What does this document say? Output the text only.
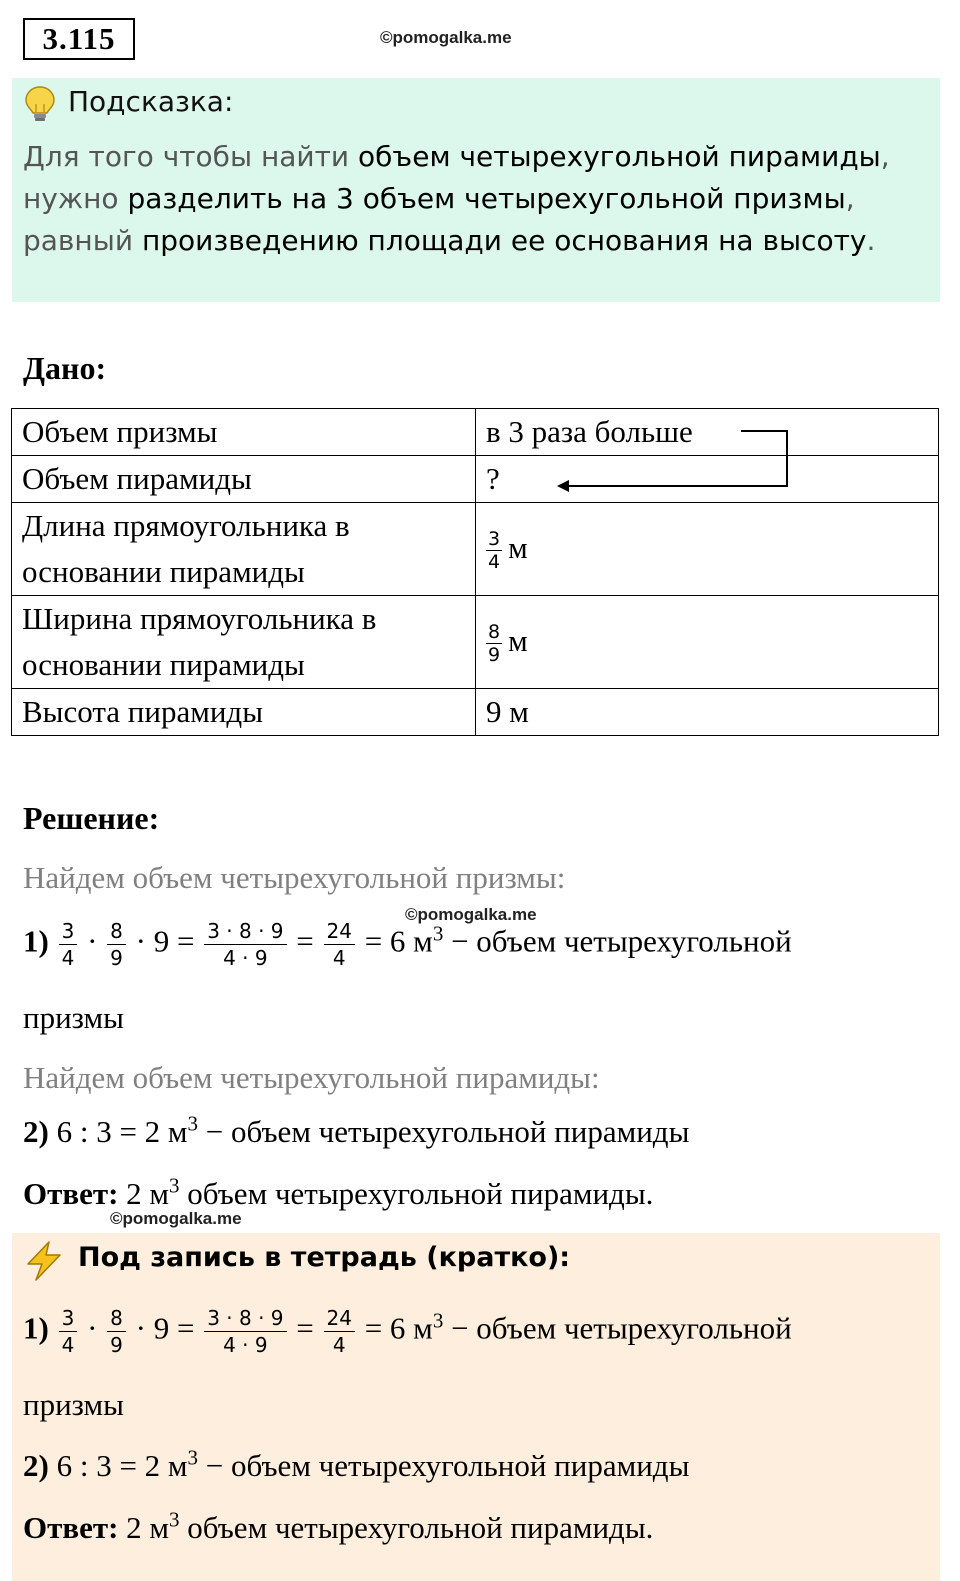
3.115	©pomogalka.me
Подсказка:
Для того чтобы найти объем четырехугольной пирамиды, нужно разделить на 3 объем четырехугольной призмы, равный произведению площади ее основания на высоту.
Дано:
Объем призмы	в 3 раза больше
Объем пирамиды	?
Длина прямоугольника в основании пирамиды	$\frac{3}{4}$ м
Ширина прямоугольника в основании пирамиды	$\frac{8}{9}$ м
Высота пирамиды	9 м
Решение:
Найдем объем четырехугольной призмы:
©pomogalka.me
$1) \frac{3}{4} \cdot \frac{8}{9} \cdot 9 = \frac{3 \cdot 8 \cdot 9}{4 \cdot 9} = \frac{24}{4} = 6$ $м^3$ − объем четырехугольной
призмы
Найдем объем четырехугольной пирамиды:
2) 6 : 3 = 2 $м^3$ − объем четырехугольной пирамиды
Ответ: 2 $м^3$ объем четырехугольной пирамиды.
©pomogalka.me
Под запись в тетрадь (кратко):
$1) \frac{3}{4} \cdot \frac{8}{9} \cdot 9 = \frac{3 \cdot 8 \cdot 9}{4 \cdot 9} = \frac{24}{4} = 6$ $м^3$ − объем четырехугольной
призмы
2) 6 : 3 = 2 $м^3$ − объем четырехугольной пирамиды
Ответ: 2 $м^3$ объем четырехугольной пирамиды.
